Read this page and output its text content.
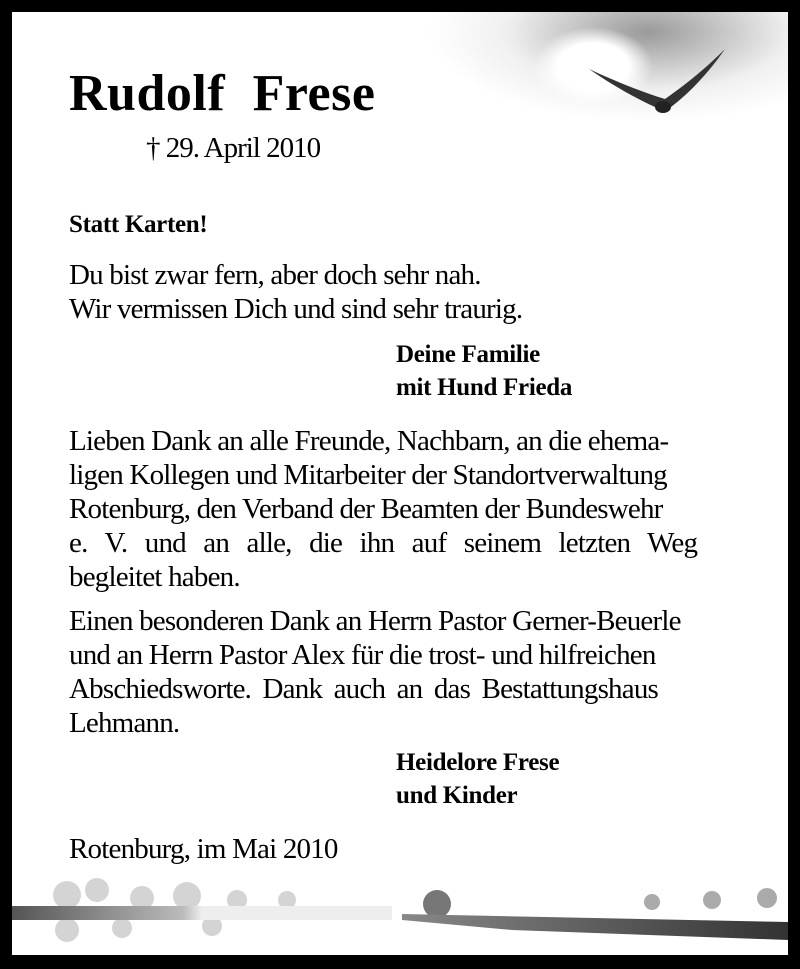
Rudolf Frese
† 29. April 2010
Statt Karten!
Du bist zwar fern, aber doch sehr nah.
Wir vermissen Dich und sind sehr traurig.
Deine Familie
mit Hund Frieda
Lieben Dank an alle Freunde, Nachbarn, an die ehema-
ligen Kollegen und Mitarbeiter der Standortverwaltung
Rotenburg, den Verband der Beamten der Bundeswehr
e. V. und an alle, die ihn auf seinem letzten Weg
begleitet haben.
Einen besonderen Dank an Herrn Pastor Gerner-Beuerle
und an Herrn Pastor Alex für die trost- und hilfreichen
Abschiedsworte. Dank auch an das Bestattungshaus
Lehmann.
Heidelore Frese
und Kinder
Rotenburg, im Mai 2010
